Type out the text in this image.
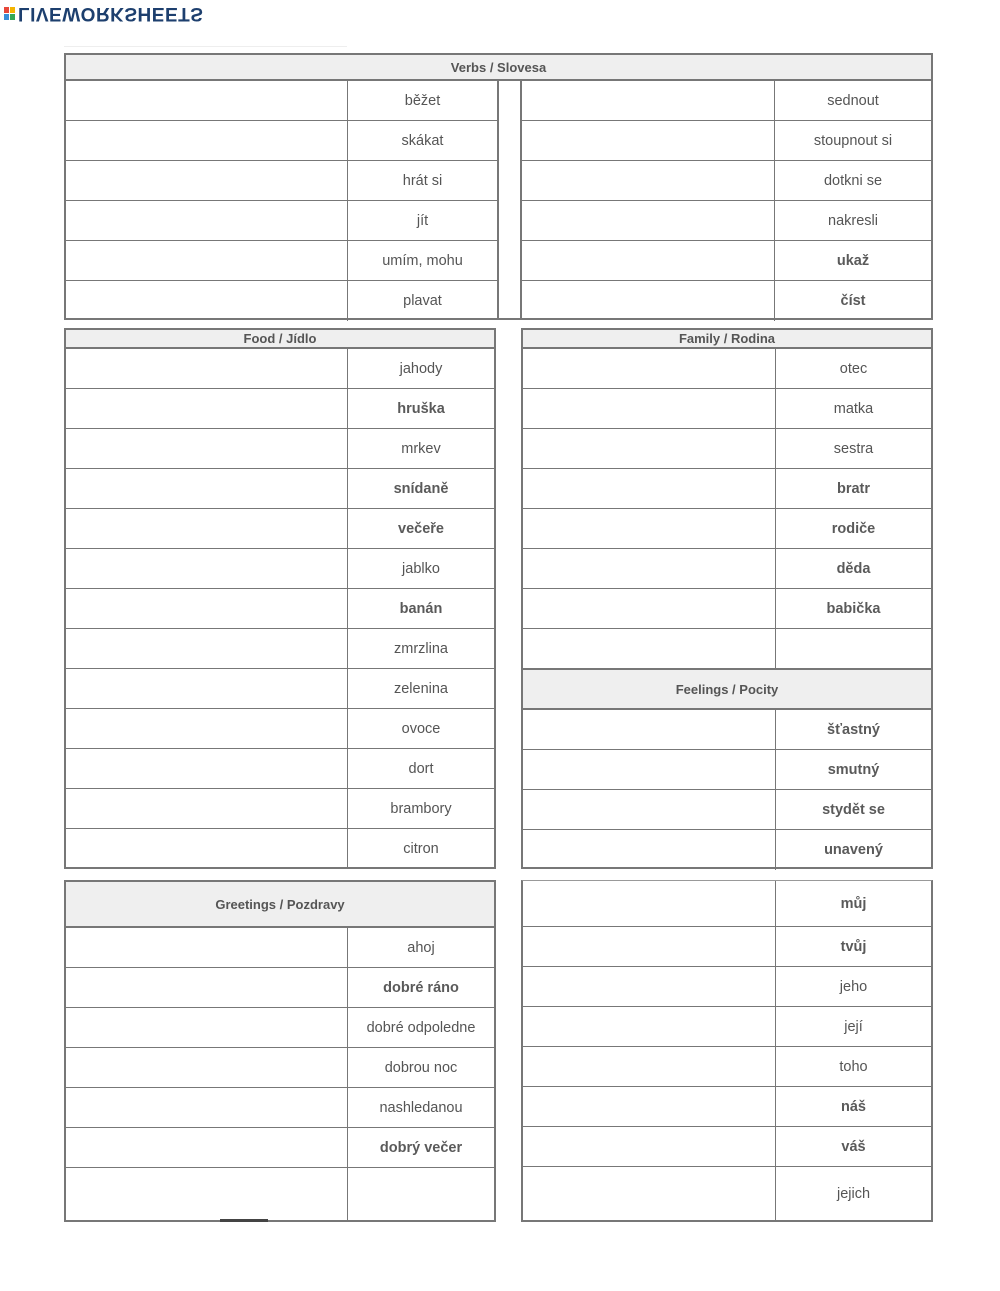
LIVEWORKSHEETS
Verbs / Slovesa
běžet
skákat
hrát si
jít
umím, mohu
plavat
sednout
stoupnout si
dotkni se
nakresli
ukaž
číst
Food / Jídlo
jahody
hruška
mrkev
snídaně
večeře
jablko
banán
zmrzlina
zelenina
ovoce
dort
brambory
citron
Family / Rodina
otec
matka
sestra
bratr
rodiče
děda
babička
Feelings / Pocity
šťastný
smutný
stydět se
unavený
Greetings / Pozdravy
ahoj
dobré ráno
dobré odpoledne
dobrou noc
nashledanou
dobrý večer
můj
tvůj
jeho
její
toho
náš
váš
jejich
